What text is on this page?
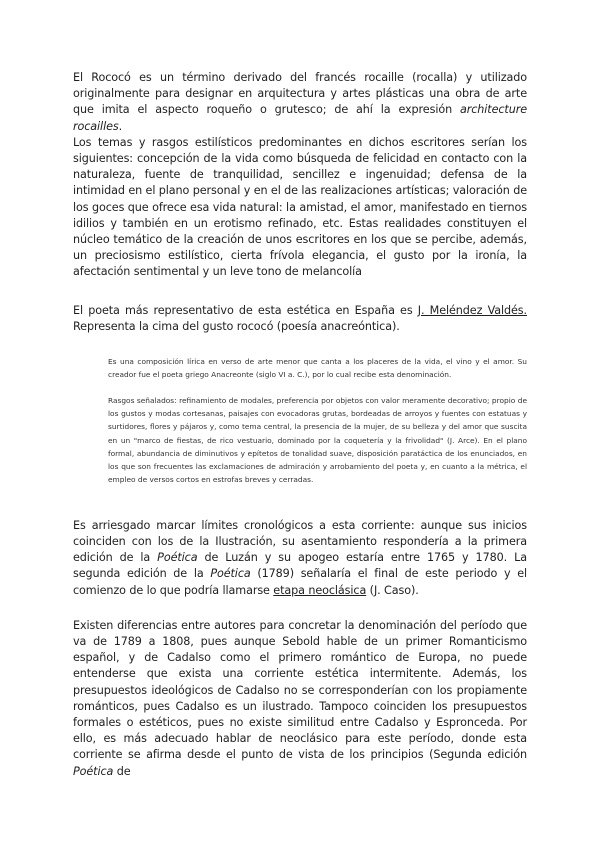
El Rococó es un término derivado del francés rocaille (rocalla) y utilizado originalmente para designar en arquitectura y artes plásticas una obra de arte que imita el aspecto roqueño o grutesco; de ahí la expresión architecture rocailles.

Los temas y rasgos estilísticos predominantes en dichos escritores serían los siguientes: concepción de la vida como búsqueda de felicidad en contacto con la naturaleza, fuente de tranquilidad, sencillez e ingenuidad; defensa de la intimidad en el plano personal y en el de las realizaciones artísticas; valoración de los goces que ofrece esa vida natural: la amistad, el amor, manifestado en tiernos idilios y también en un erotismo refinado, etc. Estas realidades constituyen el núcleo temático de la creación de unos escritores en los que se percibe, además, un preciosismo estilístico, cierta frívola elegancia, el gusto por la ironía, la afectación sentimental y un leve tono de melancolía

El poeta más representativo de esta estética en España es J. Meléndez Valdés. Representa la cima del gusto rococó (poesía anacreóntica).

Es una composición lírica en verso de arte menor que canta a los placeres de la vida, el vino y el amor. Su creador fue el poeta griego Anacreonte (siglo VI a. C.), por lo cual recibe esta denominación.

Rasgos señalados: refinamiento de modales, preferencia por objetos con valor meramente decorativo; propio de los gustos y modas cortesanas, paisajes con evocadoras grutas, bordeadas de arroyos y fuentes con estatuas y surtidores, flores y pájaros y, como tema central, la presencia de la mujer, de su belleza y del amor que suscita en un "marco de fiestas, de rico vestuario, dominado por la coquetería y la frivolidad" (J. Arce). En el plano formal, abundancia de diminutivos y epítetos de tonalidad suave, disposición paratáctica de los enunciados, en los que son frecuentes las exclamaciones de admiración y arrobamiento del poeta y, en cuanto a la métrica, el empleo de versos cortos en estrofas breves y cerradas.

Es arriesgado marcar límites cronológicos a esta corriente: aunque sus inicios coinciden con los de la Ilustración, su asentamiento respondería a la primera edición de la Poética de Luzán y su apogeo estaría entre 1765 y 1780. La segunda edición de la Poética (1789) señalaría el final de este periodo y el comienzo de lo que podría llamarse etapa neoclásica (J. Caso).

Existen diferencias entre autores para concretar la denominación del período que va de 1789 a 1808, pues aunque Sebold hable de un primer Romanticismo español, y de Cadalso como el primero romántico de Europa, no puede entenderse que exista una corriente estética intermitente. Además, los presupuestos ideológicos de Cadalso no se corresponderían con los propiamente románticos, pues Cadalso es un ilustrado. Tampoco coinciden los presupuestos formales o estéticos, pues no existe similitud entre Cadalso y Espronceda. Por ello, es más adecuado hablar de neoclásico para este período, donde esta corriente se afirma desde el punto de vista de los principios (Segunda edición Poética de
